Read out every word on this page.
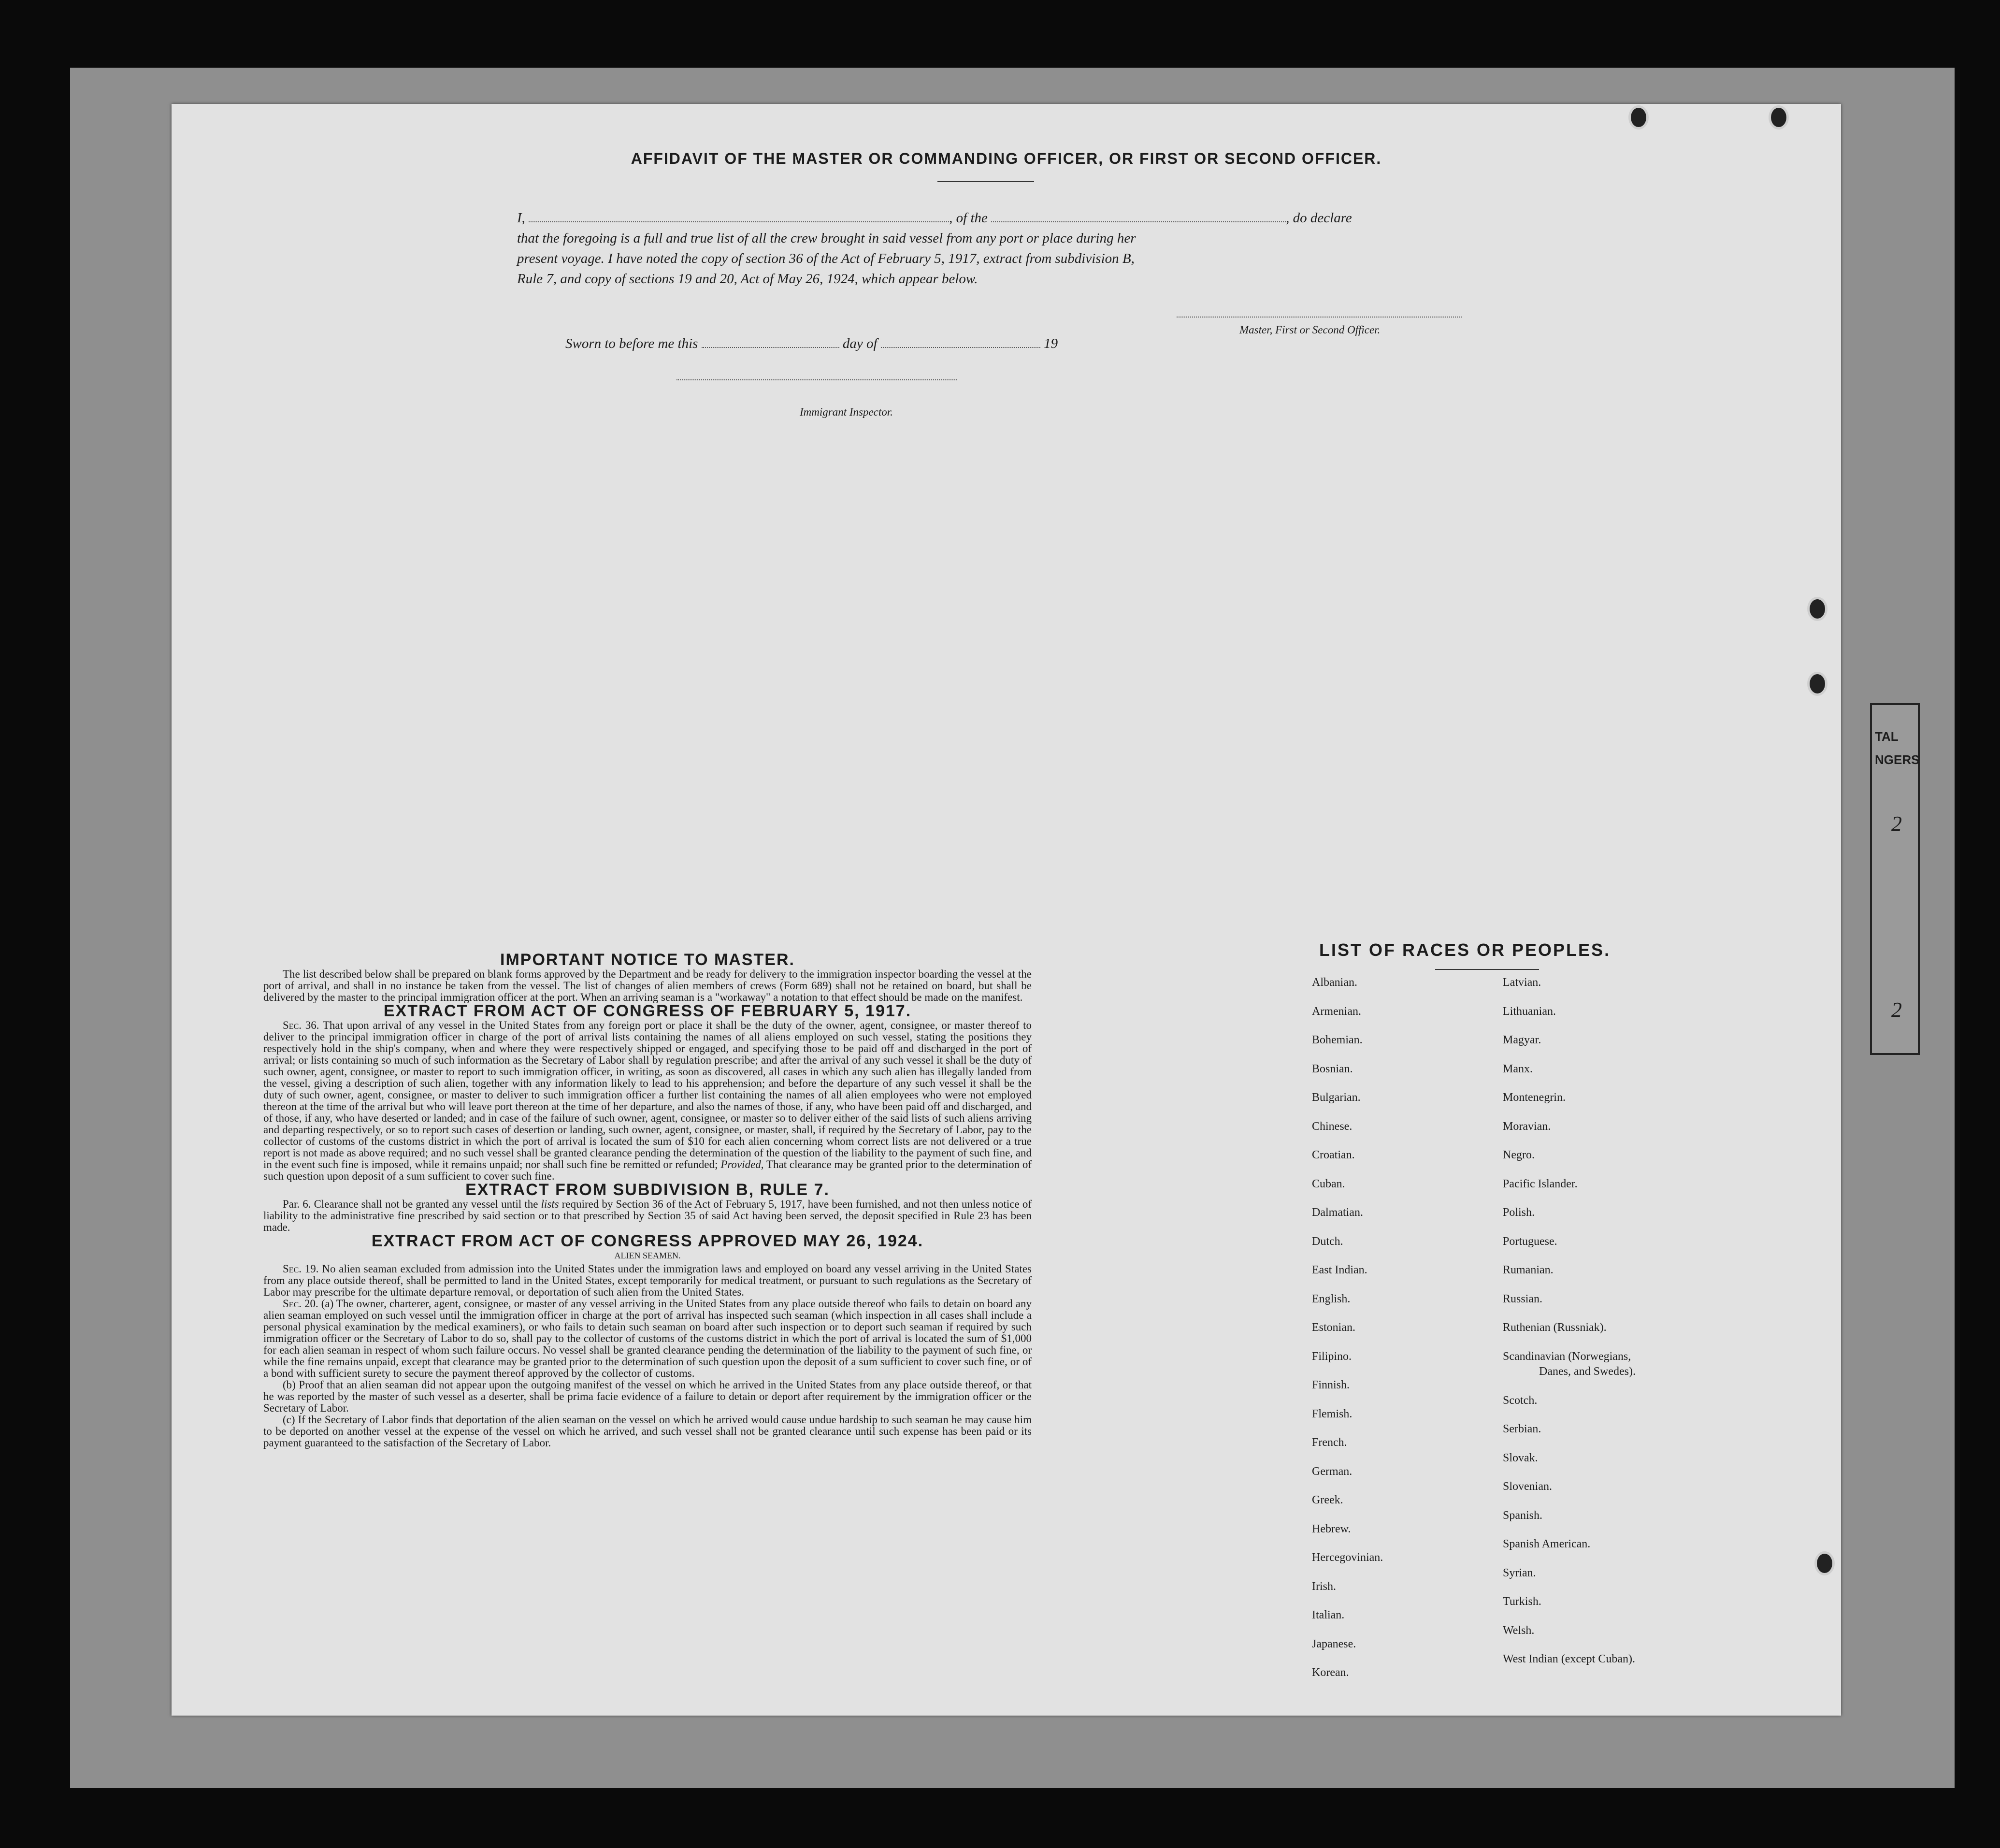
TAL
NGERS
2
2
AFFIDAVIT OF THE MASTER OR COMMANDING OFFICER, OR FIRST OR SECOND OFFICER.
I,	, of the	, do declare
that the foregoing is a full and true list of all the crew brought in said vessel from any port or place during her
present voyage. I have noted the copy of section 36 of the Act of February 5, 1917, extract from subdivision B,
Rule 7, and copy of sections 19 and 20, Act of May 26, 1924, which appear below.
Master, First or Second Officer.
Sworn to before me this	day of	19
Immigrant Inspector.
IMPORTANT NOTICE TO MASTER.

The list described below shall be prepared on blank forms approved by the Department and be ready for delivery to the immigration inspector boarding the vessel at the port of arrival, and shall in no instance be taken from the vessel. The list of changes of alien members of crews (Form 689) shall not be retained on board, but shall be delivered by the master to the principal immigration officer at the port. When an arriving seaman is a "workaway" a notation to that effect should be made on the manifest.

EXTRACT FROM ACT OF CONGRESS OF FEBRUARY 5, 1917.

Sec. 36. That upon arrival of any vessel in the United States from any foreign port or place it shall be the duty of the owner, agent, consignee, or master thereof to deliver to the principal immigration officer in charge of the port of arrival lists containing the names of all aliens employed on such vessel, stating the positions they respectively hold in the ship's company, when and where they were respectively shipped or engaged, and specifying those to be paid off and discharged in the port of arrival; or lists containing so much of such information as the Secretary of Labor shall by regulation prescribe; and after the arrival of any such vessel it shall be the duty of such owner, agent, consignee, or master to report to such immigration officer, in writing, as soon as discovered, all cases in which any such alien has illegally landed from the vessel, giving a description of such alien, together with any information likely to lead to his apprehension; and before the departure of any such vessel it shall be the duty of such owner, agent, consignee, or master to deliver to such immigration officer a further list containing the names of all alien employees who were not employed thereon at the time of the arrival but who will leave port thereon at the time of her departure, and also the names of those, if any, who have been paid off and discharged, and of those, if any, who have deserted or landed; and in case of the failure of such owner, agent, consignee, or master so to deliver either of the said lists of such aliens arriving and departing respectively, or so to report such cases of desertion or landing, such owner, agent, consignee, or master, shall, if required by the Secretary of Labor, pay to the collector of customs of the customs district in which the port of arrival is located the sum of $10 for each alien concerning whom correct lists are not delivered or a true report is not made as above required; and no such vessel shall be granted clearance pending the determination of the question of the liability to the payment of such fine, and in the event such fine is imposed, while it remains unpaid; nor shall such fine be remitted or refunded; Provided, That clearance may be granted prior to the determination of such question upon deposit of a sum sufficient to cover such fine.

EXTRACT FROM SUBDIVISION B, RULE 7.

Par. 6. Clearance shall not be granted any vessel until the lists required by Section 36 of the Act of February 5, 1917, have been furnished, and not then unless notice of liability to the administrative fine prescribed by said section or to that prescribed by Section 35 of said Act having been served, the deposit specified in Rule 23 has been made.

EXTRACT FROM ACT OF CONGRESS APPROVED MAY 26, 1924.
ALIEN SEAMEN.

Sec. 19. No alien seaman excluded from admission into the United States under the immigration laws and employed on board any vessel arriving in the United States from any place outside thereof, shall be permitted to land in the United States, except temporarily for medical treatment, or pursuant to such regulations as the Secretary of Labor may prescribe for the ultimate departure removal, or deportation of such alien from the United States.

Sec. 20. (a) The owner, charterer, agent, consignee, or master of any vessel arriving in the United States from any place outside thereof who fails to detain on board any alien seaman employed on such vessel until the immigration officer in charge at the port of arrival has inspected such seaman (which inspection in all cases shall include a personal physical examination by the medical examiners), or who fails to detain such seaman on board after such inspection or to deport such seaman if required by such immigration officer or the Secretary of Labor to do so, shall pay to the collector of customs of the customs district in which the port of arrival is located the sum of $1,000 for each alien seaman in respect of whom such failure occurs. No vessel shall be granted clearance pending the determination of the liability to the payment of such fine, or while the fine remains unpaid, except that clearance may be granted prior to the determination of such question upon the deposit of a sum sufficient to cover such fine, or of a bond with sufficient surety to secure the payment thereof approved by the collector of customs.

(b) Proof that an alien seaman did not appear upon the outgoing manifest of the vessel on which he arrived in the United States from any place outside thereof, or that he was reported by the master of such vessel as a deserter, shall be prima facie evidence of a failure to detain or deport after requirement by the immigration officer or the Secretary of Labor.

(c) If the Secretary of Labor finds that deportation of the alien seaman on the vessel on which he arrived would cause undue hardship to such seaman he may cause him to be deported on another vessel at the expense of the vessel on which he arrived, and such vessel shall not be granted clearance until such expense has been paid or its payment guaranteed to the satisfaction of the Secretary of Labor.

LIST OF RACES OR PEOPLES.
Albanian.
Armenian.
Bohemian.
Bosnian.
Bulgarian.
Chinese.
Croatian.
Cuban.
Dalmatian.
Dutch.
East Indian.
English.
Estonian.
Filipino.
Finnish.
Flemish.
French.
German.
Greek.
Hebrew.
Hercegovinian.
Irish.
Italian.
Japanese.
Korean.
Latvian.
Lithuanian.
Magyar.
Manx.
Montenegrin.
Moravian.
Negro.
Pacific Islander.
Polish.
Portuguese.
Rumanian.
Russian.
Ruthenian (Russniak).
Scandinavian (Norwegians,
Danes, and Swedes).
Scotch.
Serbian.
Slovak.
Slovenian.
Spanish.
Spanish American.
Syrian.
Turkish.
Welsh.
West Indian (except Cuban).
